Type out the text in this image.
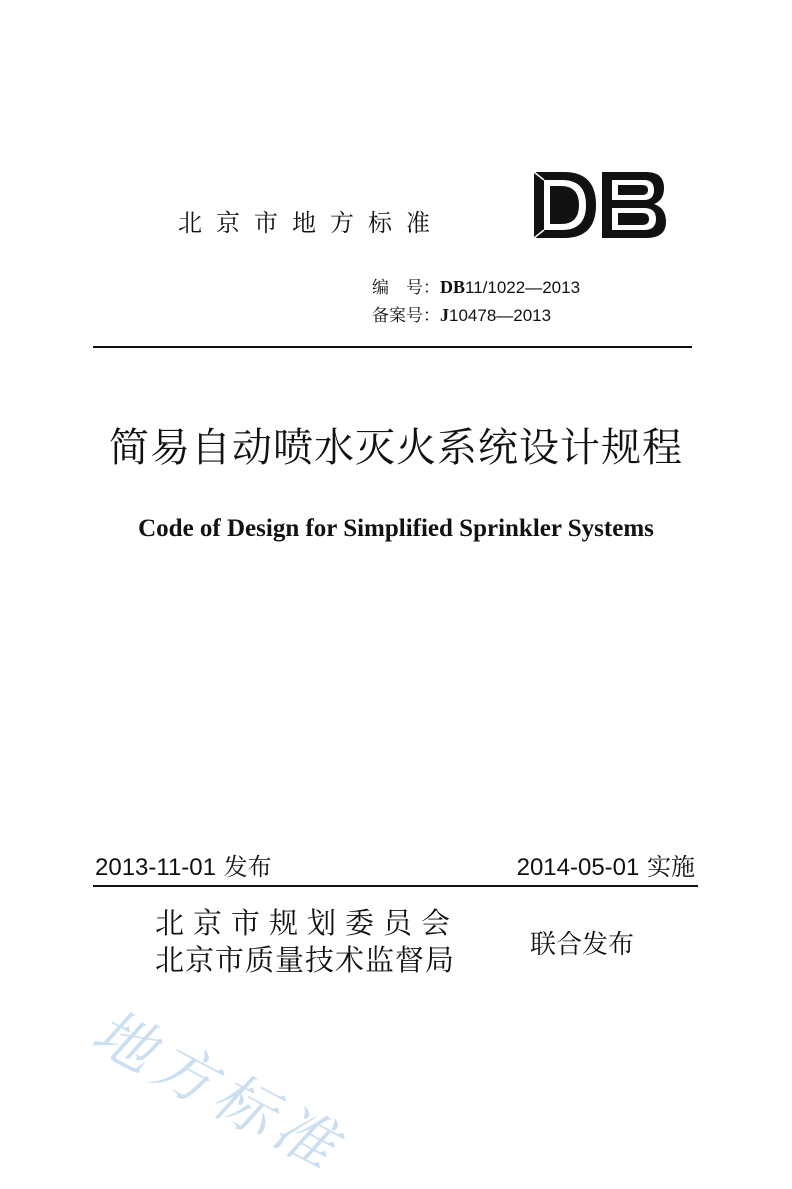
北京市地方标准
编　号：DB11/1022—2013
备案号：J10478—2013
简易自动喷水灭火系统设计规程
Code of Design for Simplified Sprinkler Systems
2013-11-01 发布	2014-05-01 实施
北京市规划委员会
北京市质量技术监督局	联合发布
地方标准
